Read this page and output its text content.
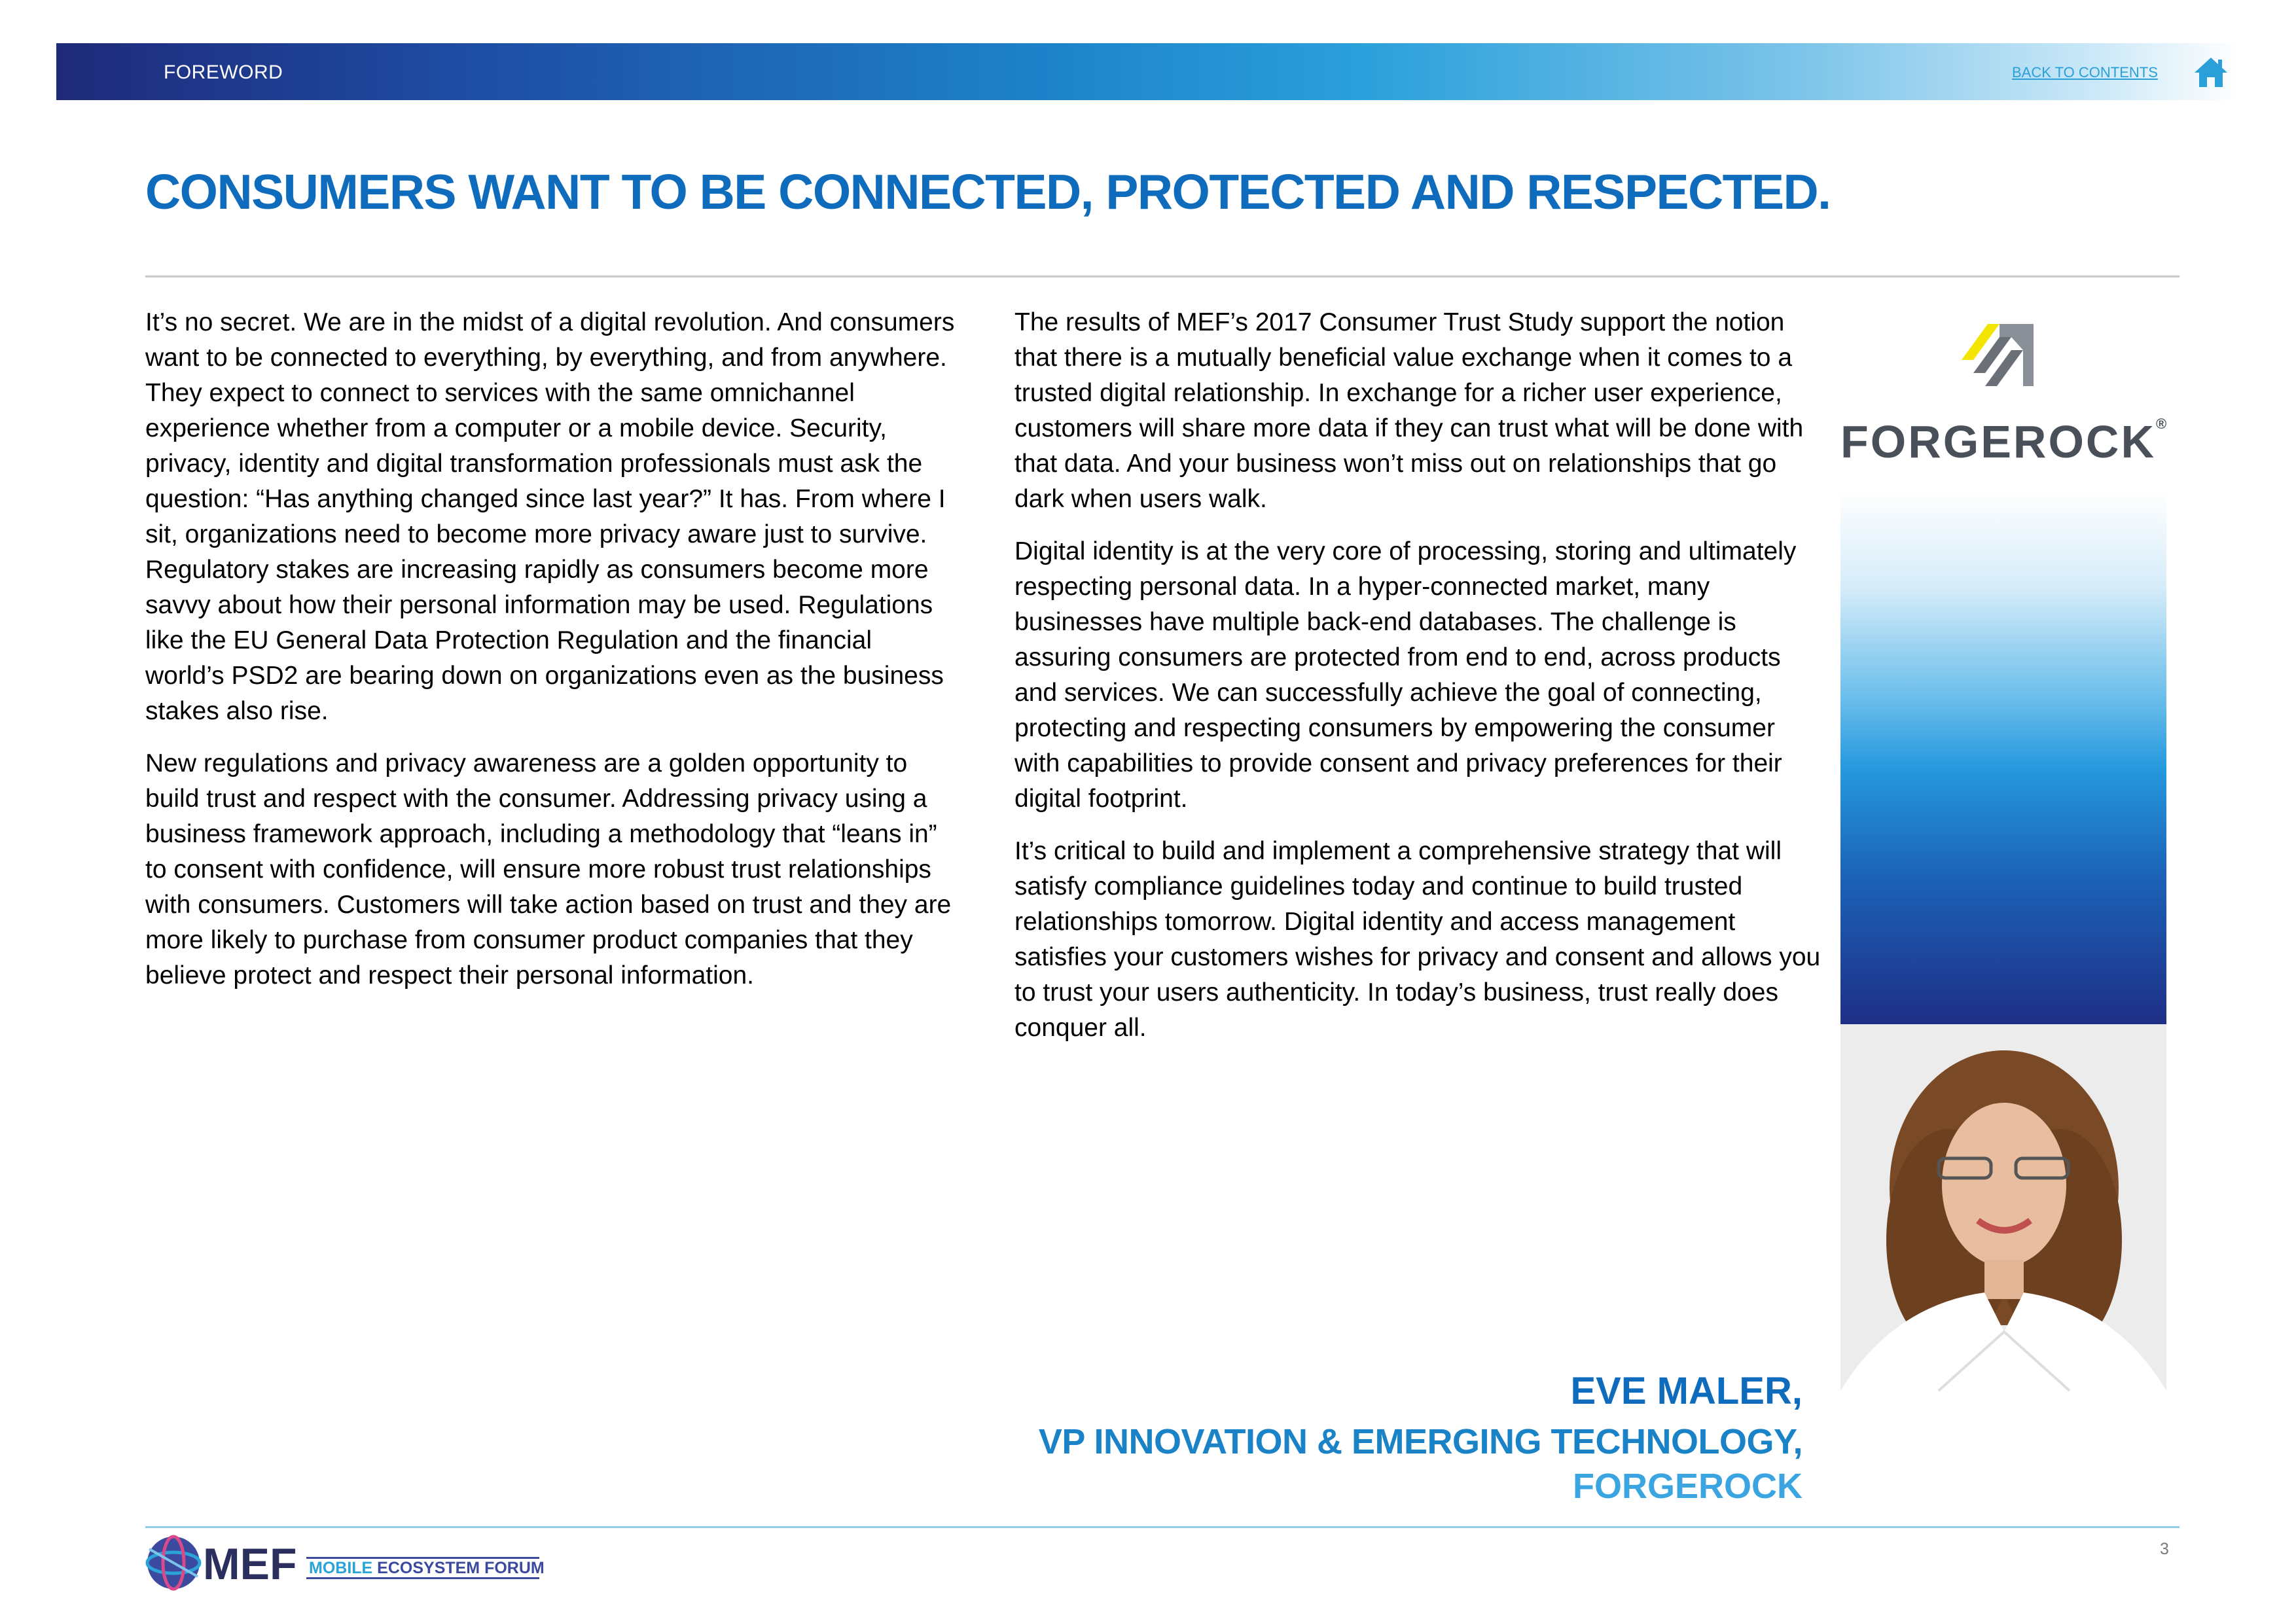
FOREWORD	BACK TO CONTENTS
CONSUMERS WANT TO BE CONNECTED, PROTECTED AND RESPECTED.

It’s no secret. We are in the midst of a digital revolution. And consumers want to be connected to everything, by everything, and from anywhere. They expect to connect to services with the same omnichannel experience whether from a computer or a mobile device. Security, privacy, identity and digital transformation professionals must ask the question: “Has anything changed since last year?” It has. From where I sit, organizations need to become more privacy aware just to survive. Regulatory stakes are increasing rapidly as consumers become more savvy about how their personal information may be used. Regulations like the EU General Data Protection Regulation and the financial world’s PSD2 are bearing down on organizations even as the business stakes also rise.

New regulations and privacy awareness are a golden opportunity to build trust and respect with the consumer. Addressing privacy using a business framework approach, including a methodology that “leans in” to consent with confidence, will ensure more robust trust relationships with consumers. Customers will take action based on trust and they are more likely to purchase from consumer product companies that they believe protect and respect their personal information.

The results of MEF’s 2017 Consumer Trust Study support the notion that there is a mutually beneficial value exchange when it comes to a trusted digital relationship. In exchange for a richer user experience, customers will share more data if they can trust what will be done with that data. And your business won’t miss out on relationships that go dark when users walk.

Digital identity is at the very core of processing, storing and ultimately respecting personal data. In a hyper-connected market, many businesses have multiple back-end databases. The challenge is assuring consumers are protected from end to end, across products and services. We can successfully achieve the goal of connecting, protecting and respecting consumers by empowering the consumer with capabilities to provide consent and privacy preferences for their digital footprint.

It’s critical to build and implement a comprehensive strategy that will satisfy compliance guidelines today and continue to build trusted relationships tomorrow. Digital identity and access management satisfies your customers wishes for privacy and consent and allows you to trust your users authenticity. In today’s business, trust really does conquer all.

FORGEROCK®
EVE MALER,
VP INNOVATION & EMERGING TECHNOLOGY,
FORGEROCK
MEF MOBILE ECOSYSTEM FORUM
3
